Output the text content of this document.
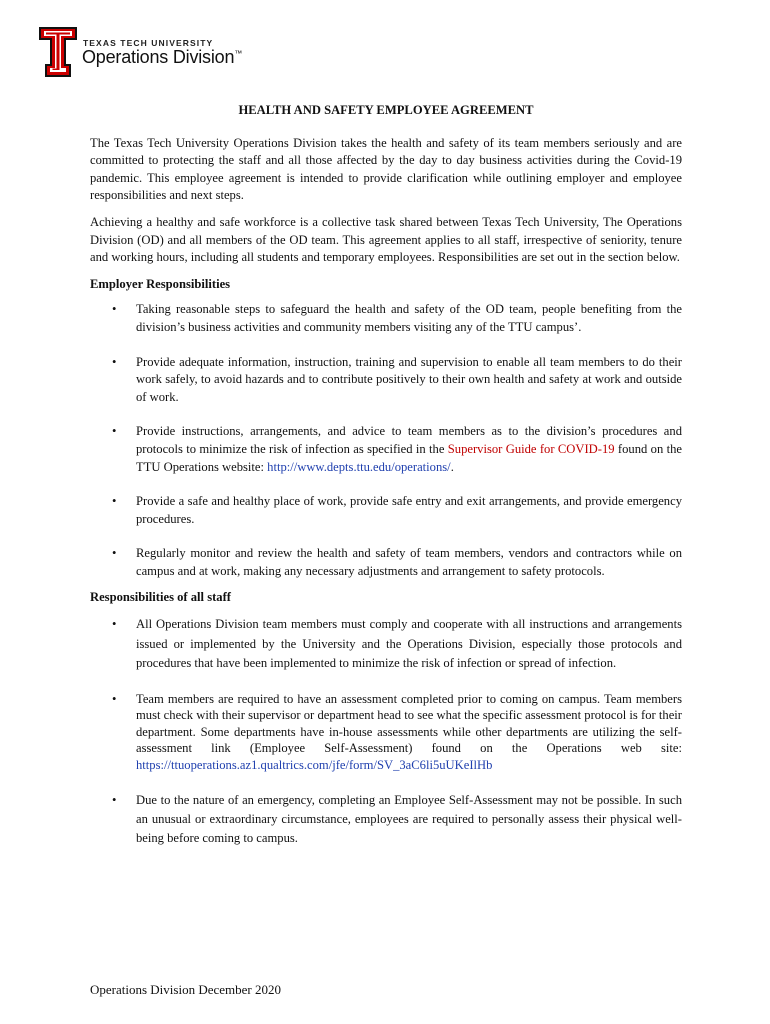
TEXAS TECH UNIVERSITY
Operations Division™
HEALTH AND SAFETY EMPLOYEE AGREEMENT

The Texas Tech University Operations Division takes the health and safety of its team members seriously and are committed to protecting the staff and all those affected by the day to day business activities during the Covid-19 pandemic. This employee agreement is intended to provide clarification while outlining employer and employee responsibilities and next steps.

Achieving a healthy and safe workforce is a collective task shared between Texas Tech University, The Operations Division (OD) and all members of the OD team. This agreement applies to all staff, irrespective of seniority, tenure and working hours, including all students and temporary employees. Responsibilities are set out in the section below.

Employer Responsibilities
• Taking reasonable steps to safeguard the health and safety of the OD team, people benefiting from the division’s business activities and community members visiting any of the TTU campus’.
• Provide adequate information, instruction, training and supervision to enable all team members to do their work safely, to avoid hazards and to contribute positively to their own health and safety at work and outside of work.
• Provide instructions, arrangements, and advice to team members as to the division’s procedures and protocols to minimize the risk of infection as specified in the Supervisor Guide for COVID-19 found on the TTU Operations website: http://www.depts.ttu.edu/operations/.
• Provide a safe and healthy place of work, provide safe entry and exit arrangements, and provide emergency procedures.
• Regularly monitor and review the health and safety of team members, vendors and contractors while on campus and at work, making any necessary adjustments and arrangement to safety protocols.
Responsibilities of all staff
• All Operations Division team members must comply and cooperate with all instructions and arrangements issued or implemented by the University and the Operations Division, especially those protocols and procedures that have been implemented to minimize the risk of infection or spread of infection.
• Team members are required to have an assessment completed prior to coming on campus. Team members must check with their supervisor or department head to see what the specific assessment protocol is for their department. Some departments have in-house assessments while other departments are utilizing the self-assessment link (Employee Self-Assessment) found on the Operations web site: https://ttuoperations.az1.qualtrics.com/jfe/form/SV_3aC6li5uUKeIlHb
• Due to the nature of an emergency, completing an Employee Self-Assessment may not be possible. In such an unusual or extraordinary circumstance, employees are required to personally assess their physical well-being before coming to campus.
Operations Division December 2020
